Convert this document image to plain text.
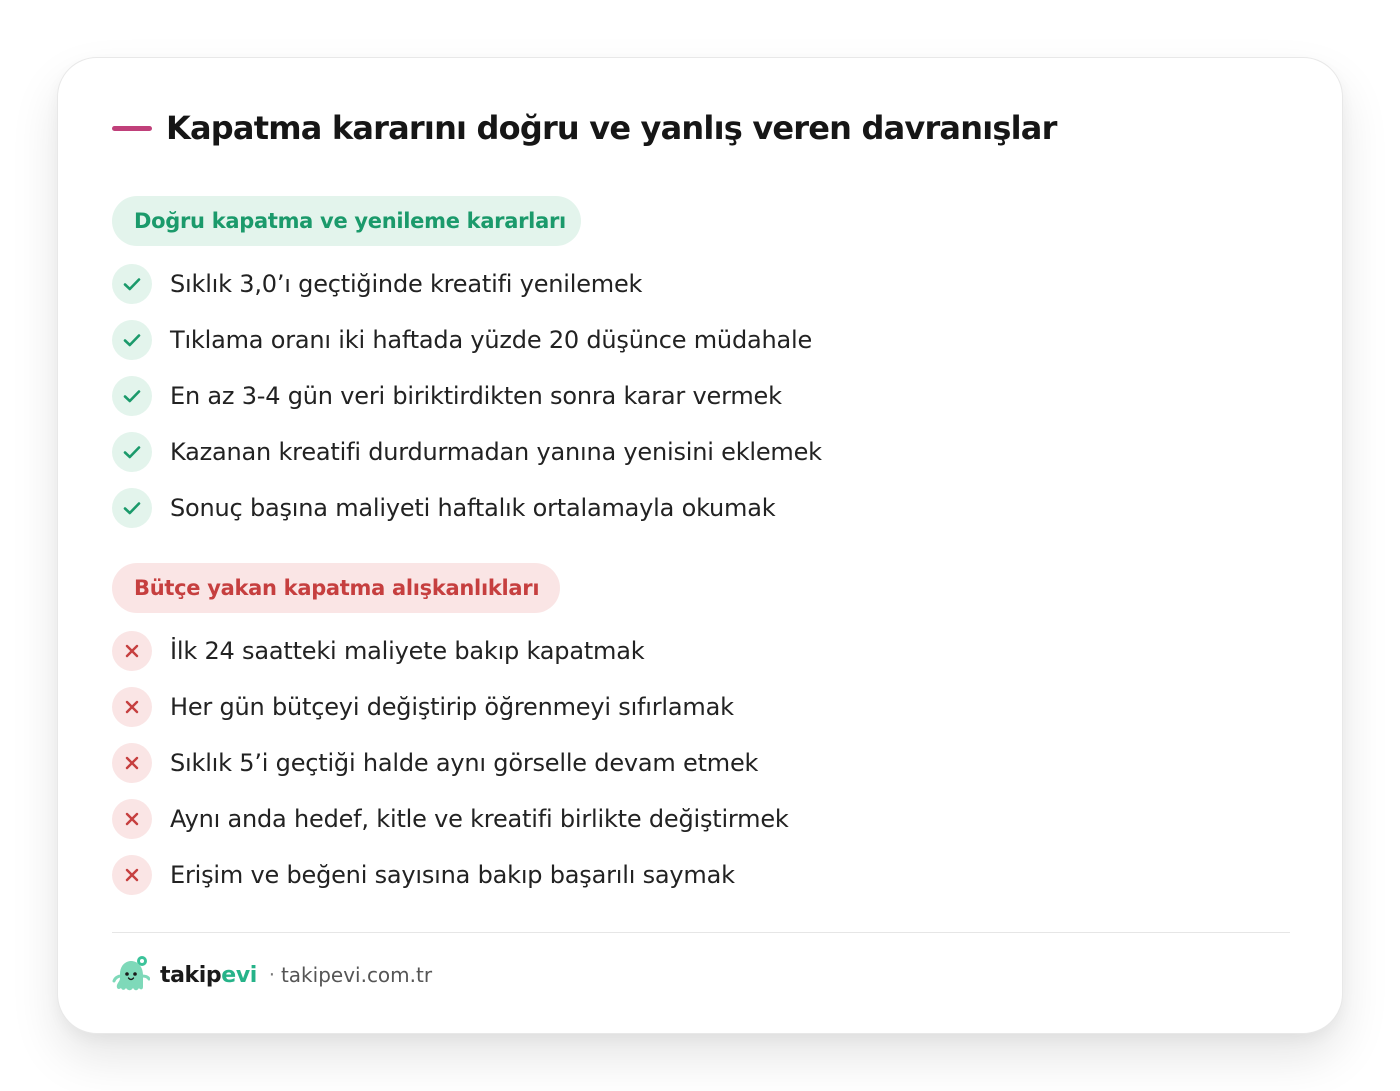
Kapatma kararını doğru ve yanlış veren davranışlar
Doğru kapatma ve yenileme kararları
Sıklık 3,0’ı geçtiğinde kreatifi yenilemek
Tıklama oranı iki haftada yüzde 20 düşünce müdahale
En az 3-4 gün veri biriktirdikten sonra karar vermek
Kazanan kreatifi durdurmadan yanına yenisini eklemek
Sonuç başına maliyeti haftalık ortalamayla okumak
Bütçe yakan kapatma alışkanlıkları
İlk 24 saatteki maliyete bakıp kapatmak
Her gün bütçeyi değiştirip öğrenmeyi sıfırlamak
Sıklık 5’i geçtiği halde aynı görselle devam etmek
Aynı anda hedef, kitle ve kreatifi birlikte değiştirmek
Erişim ve beğeni sayısına bakıp başarılı saymak
takipevi · takipevi.com.tr
